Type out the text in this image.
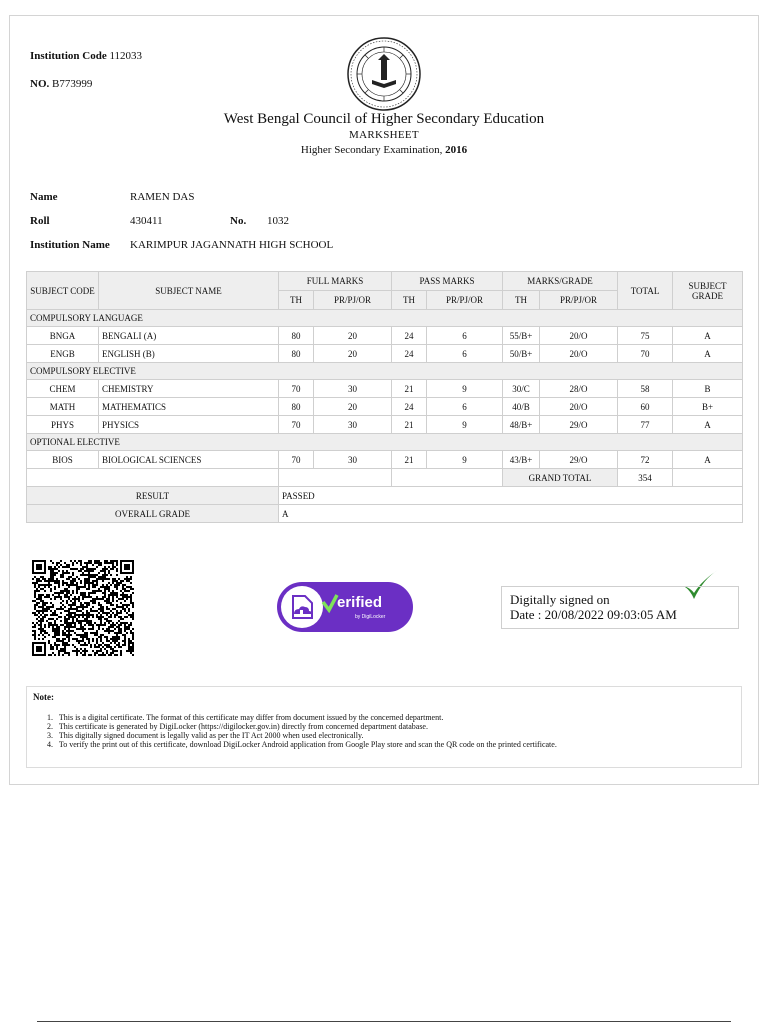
Institution Code 112033
NO. B773999
West Bengal Council of Higher Secondary Education
MARKSHEET
Higher Secondary Examination, 2016
Name	RAMEN DAS
Roll	430411	No. 1032
Institution Name KARIMPUR JAGANNATH HIGH SCHOOL
SUBJECT CODE	SUBJECT NAME	FULL MARKS		PASS MARKS		MARKS/GRADE		TOTAL	SUBJECT GRADE
		TH	PR/PJ/OR	TH	PR/PJ/OR	TH	PR/PJ/OR		
COMPULSORY LANGUAGE									
BNGA	BENGALI (A)	80	20	24	6	55/B+	20/O	75	A
ENGB	ENGLISH (B)	80	20	24	6	50/B+	20/O	70	A
COMPULSORY ELECTIVE									
CHEM	CHEMISTRY	70	30	21	9	30/C	28/O	58	B
MATH	MATHEMATICS	80	20	24	6	40/B	20/O	60	B+
PHYS	PHYSICS	70	30	21	9	48/B+	29/O	77	A
OPTIONAL ELECTIVE									
BIOS	BIOLOGICAL SCIENCES	70	30	21	9	43/B+	29/O	72	A
						GRAND TOTAL		354	
RESULT		PASSED							
OVERALL GRADE		A							
erified
by DigiLocker
Digitally signed on
Date : 20/08/2022 09:03:05 AM
Note:
1. This is a digital certificate. The format of this certificate may differ from document issued by the concerned department.
2. This certificate is generated by DigiLocker (https://digilocker.gov.in) directly from concerned department database.
3. This digitally signed document is legally valid as per the IT Act 2000 when used electronically.
4. To verify the print out of this certificate, download DigiLocker Android application from Google Play store and scan the QR code on the printed certificate.
